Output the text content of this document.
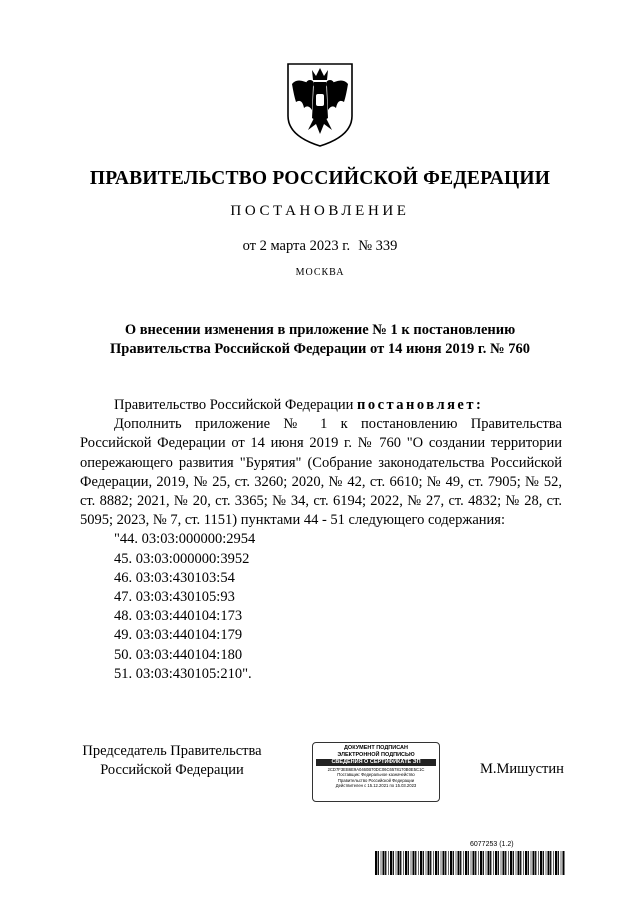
ПРАВИТЕЛЬСТВО РОССИЙСКОЙ ФЕДЕРАЦИИ
ПОСТАНОВЛЕНИЕ
от 2 марта 2023 г. № 339
МОСКВА
О внесении изменения в приложение № 1 к постановлению
Правительства Российской Федерации от 14 июня 2019 г. № 760

Правительство Российской Федерации постановляет:

Дополнить приложение № 1 к постановлению Правительства Российской Федерации от 14 июня 2019 г. № 760 "О создании территории опережающего развития "Бурятия" (Собрание законодательства Российской Федерации, 2019, № 25, ст. 3260; 2020, № 42, ст. 6610; № 49, ст. 7905; № 52, ст. 8882; 2021, № 20, ст. 3365; № 34, ст. 6194; 2022, № 27, ст. 4832; № 28, ст. 5095; 2023, № 7, ст. 1151) пунктами 44 - 51 следующего содержания:

"44. 03:03:000000:2954
45. 03:03:000000:3952
46. 03:03:430103:54
47. 03:03:430105:93
48. 03:03:440104:173
49. 03:03:440104:179
50. 03:03:440104:180
51. 03:03:430105:210".
Председатель Правительства
Российской Федерации
ДОКУМЕНТ ПОДПИСАН
ЭЛЕКТРОННОЙ ПОДПИСЬЮ
СВЕДЕНИЯ О СЕРТИФИКАТЕ ЭП
2CD7F3EB6E9A0460B70DC06C6578170B0E5C1C
Поставщик: Федеральное казначейство
Правительство Российской Федерации
Действителен с 15.12.2021 по 15.03.2023
М.Мишустин
6077253 (1.2)
